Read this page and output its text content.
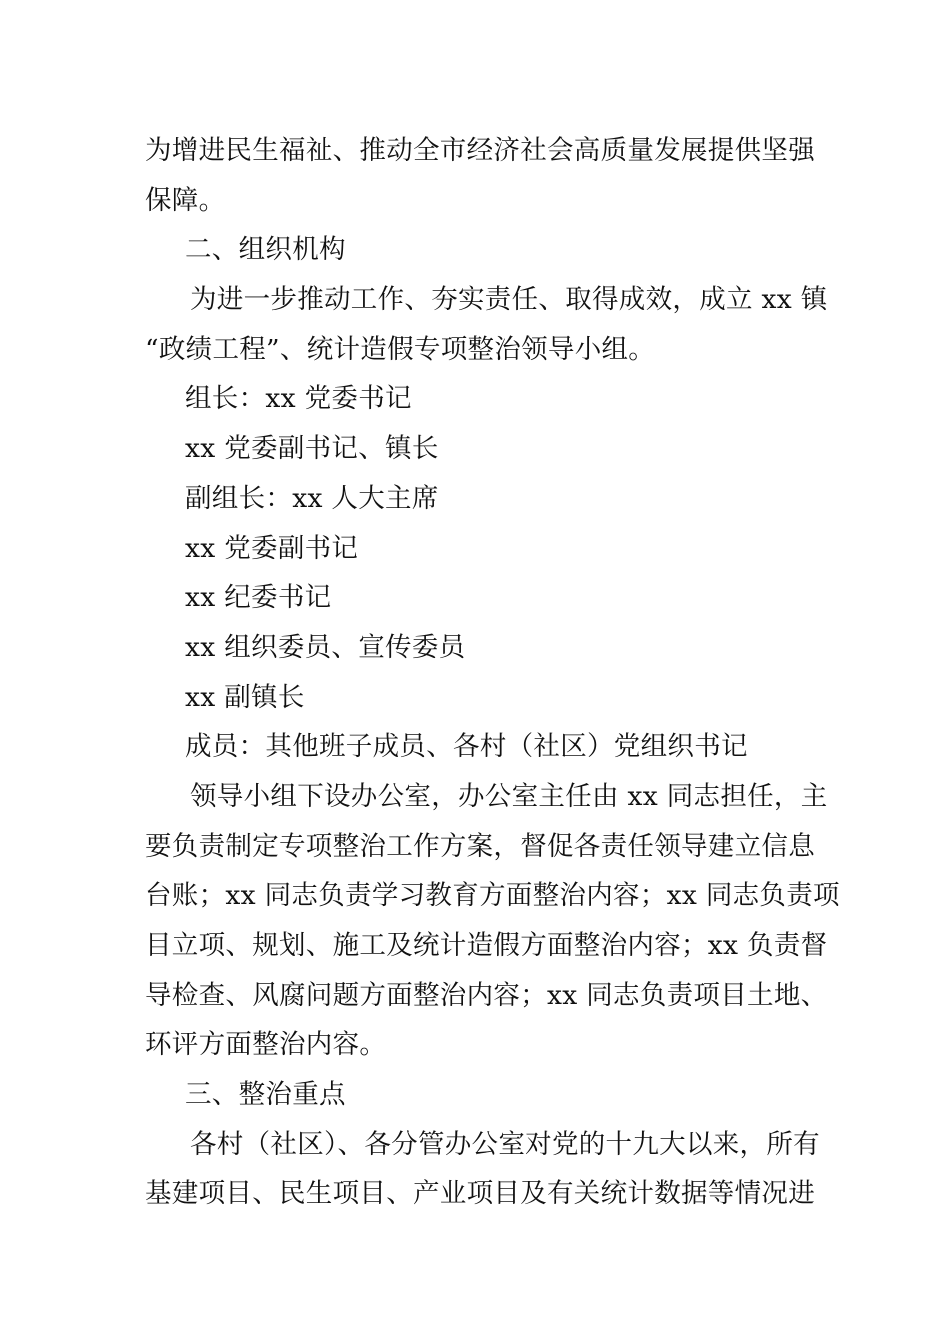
为增进民生福祉、推动全市经济社会高质量发展提供坚强
保障。
二、组织机构
为进一步推动工作、夯实责任、取得成效，成立 xx 镇
“政绩工程”、统计造假专项整治领导小组。
组长：xx 党委书记
xx 党委副书记、镇长
副组长：xx 人大主席
xx 党委副书记
xx 纪委书记
xx 组织委员、宣传委员
xx 副镇长
成员：其他班子成员、各村（社区）党组织书记
领导小组下设办公室，办公室主任由 xx 同志担任，主
要负责制定专项整治工作方案，督促各责任领导建立信息
台账；xx 同志负责学习教育方面整治内容；xx 同志负责项
目立项、规划、施工及统计造假方面整治内容；xx 负责督
导检查、风腐问题方面整治内容；xx 同志负责项目土地、
环评方面整治内容。
三、整治重点
各村（社区）、各分管办公室对党的十九大以来，所有
基建项目、民生项目、产业项目及有关统计数据等情况进
